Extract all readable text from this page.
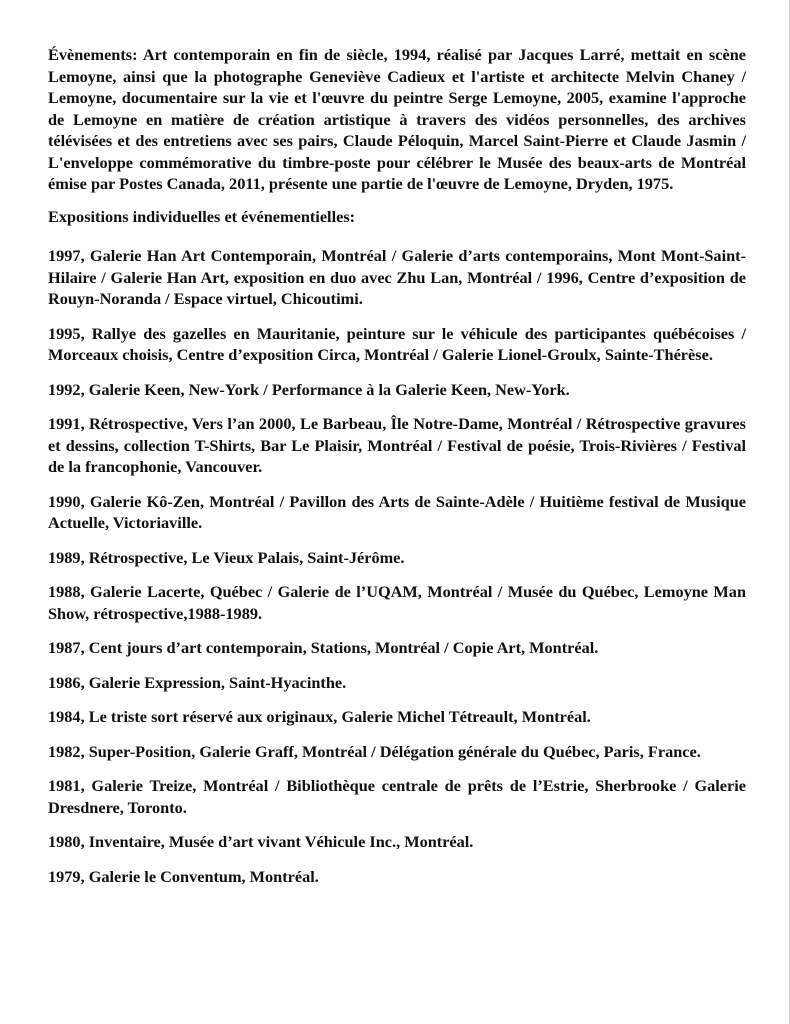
Évènements: Art contemporain en fin de siècle, 1994, réalisé par Jacques Larré, mettait en scène Lemoyne, ainsi que la photographe Geneviève Cadieux et l'artiste et architecte Melvin Chaney / Lemoyne, documentaire sur la vie et l'œuvre du peintre Serge Lemoyne, 2005, examine l'approche de Lemoyne en matière de création artistique à travers des vidéos personnelles, des archives télévisées et des entretiens avec ses pairs, Claude Péloquin, Marcel Saint-Pierre et Claude Jasmin / L'enveloppe commémorative du timbre-poste pour célébrer le Musée des beaux-arts de Montréal émise par Postes Canada, 2011, présente une partie de l'œuvre de Lemoyne, Dryden, 1975.

Expositions individuelles et événementielles:

1997, Galerie Han Art Contemporain, Montréal / Galerie d’arts contemporains, Mont Mont-Saint-Hilaire / Galerie Han Art, exposition en duo avec Zhu Lan, Montréal / 1996, Centre d’exposition de Rouyn-Noranda / Espace virtuel, Chicoutimi.

1995, Rallye des gazelles en Mauritanie, peinture sur le véhicule des participantes québécoises / Morceaux choisis, Centre d’exposition Circa, Montréal / Galerie Lionel-Groulx, Sainte-Thérèse.

1992, Galerie Keen, New-York / Performance à la Galerie Keen, New-York.

1991, Rétrospective, Vers l’an 2000, Le Barbeau, Île Notre-Dame, Montréal / Rétrospective gravures et dessins, collection T-Shirts, Bar Le Plaisir, Montréal / Festival de poésie, Trois-Rivières / Festival de la francophonie, Vancouver.

1990, Galerie Kô-Zen, Montréal / Pavillon des Arts de Sainte-Adèle / Huitième festival de Musique Actuelle, Victoriaville.

1989, Rétrospective, Le Vieux Palais, Saint-Jérôme.

1988, Galerie Lacerte, Québec / Galerie de l’UQAM, Montréal / Musée du Québec, Lemoyne Man Show, rétrospective,1988-1989.

1987, Cent jours d’art contemporain, Stations, Montréal / Copie Art, Montréal.

1986, Galerie Expression, Saint-Hyacinthe.

1984, Le triste sort réservé aux originaux, Galerie Michel Tétreault, Montréal.

1982, Super-Position, Galerie Graff, Montréal / Délégation générale du Québec, Paris, France.

1981, Galerie Treize, Montréal / Bibliothèque centrale de prêts de l’Estrie, Sherbrooke / Galerie Dresdnere, Toronto.

1980, Inventaire, Musée d’art vivant Véhicule Inc., Montréal.

1979, Galerie le Conventum, Montréal.
